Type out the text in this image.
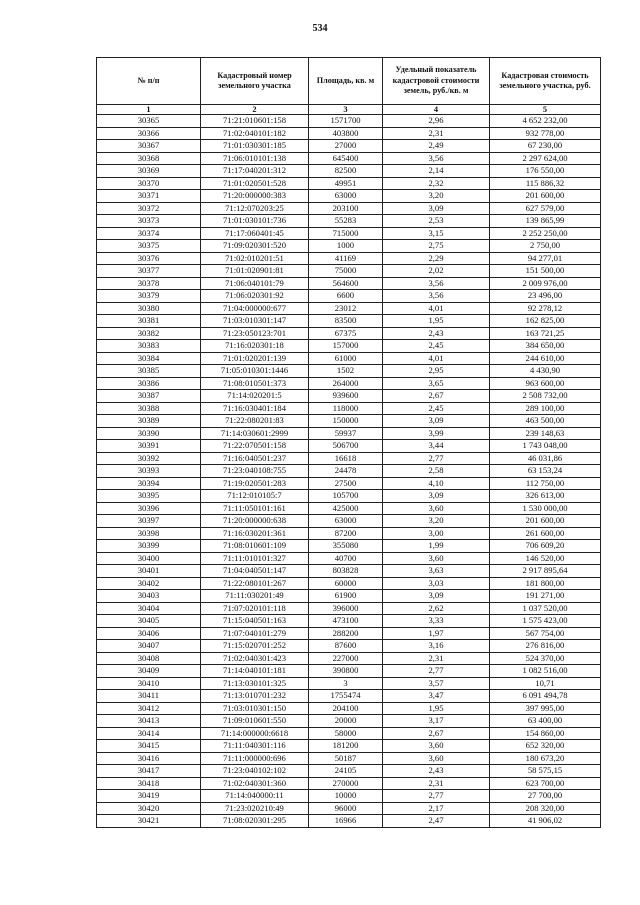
534
№ п/п	Кадастровый номер земельного участка	Площадь, кв. м	Удельный показатель кадастровой стоимости земель, руб./кв. м	Кадастровая стоимость земельного участка, руб.
1	2	3	4	5
30365	71:21:010601:158	1571700	2,96	4 652 232,00
30366	71:02:040101:182	403800	2,31	932 778,00
30367	71:01:030301:185	27000	2,49	67 230,00
30368	71:06:010101:138	645400	3,56	2 297 624,00
30369	71:17:040201:312	82500	2,14	176 550,00
30370	71:01:020501:528	49951	2,32	115 886,32
30371	71:20:000000:383	63000	3,20	201 600,00
30372	71:12:070203:25	203100	3,09	627 579,00
30373	71:01:030101:736	55283	2,53	139 865,99
30374	71:17:060401:45	715000	3,15	2 252 250,00
30375	71:09:020301:520	1000	2,75	2 750,00
30376	71:02:010201:51	41169	2,29	94 277,01
30377	71:01:020901:81	75000	2,02	151 500,00
30378	71:06:040101:79	564600	3,56	2 009 976,00
30379	71:06:020301:92	6600	3,56	23 496,00
30380	71:04:000000:677	23012	4,01	92 278,12
30381	71:03:010301:147	83500	1,95	162 825,00
30382	71:23:050123:701	67375	2,43	163 721,25
30383	71:16:020301:18	157000	2,45	384 650,00
30384	71:01:020201:139	61000	4,01	244 610,00
30385	71:05:010301:1446	1502	2,95	4 430,90
30386	71:08:010501:373	264000	3,65	963 600,00
30387	71:14:020201:5	939600	2,67	2 508 732,00
30388	71:16:030401:184	118000	2,45	289 100,00
30389	71:22:080201:83	150000	3,09	463 500,00
30390	71:14:030601:2999	59937	3,99	239 148,63
30391	71:22:070501:158	506700	3,44	1 743 048,00
30392	71:16:040501:237	16618	2,77	46 031,86
30393	71:23:040108:755	24478	2,58	63 153,24
30394	71:19:020501:283	27500	4,10	112 750,00
30395	71:12:010105:7	105700	3,09	326 613,00
30396	71:11:050101:161	425000	3,60	1 530 000,00
30397	71:20:000000:638	63000	3,20	201 600,00
30398	71:16:030201:361	87200	3,00	261 600,00
30399	71:08:010601:109	355080	1,99	706 609,20
30400	71:11:010101:327	40700	3,60	146 520,00
30401	71:04:040501:147	803828	3,63	2 917 895,64
30402	71:22:080101:267	60000	3,03	181 800,00
30403	71:11:030201:49	61900	3,09	191 271,00
30404	71:07:020101:118	396000	2,62	1 037 520,00
30405	71:15:040501:163	473100	3,33	1 575 423,00
30406	71:07:040101:279	288200	1,97	567 754,00
30407	71:15:020701:252	87600	3,16	276 816,00
30408	71:02:040301:423	227000	2,31	524 370,00
30409	71:14:040101:181	390800	2,77	1 082 516,00
30410	71:13:030101:325	3	3,57	10,71
30411	71:13:010701:232	1755474	3,47	6 091 494,78
30412	71:03:010301:150	204100	1,95	397 995,00
30413	71:09:010601:550	20000	3,17	63 400,00
30414	71:14:000000:6618	58000	2,67	154 860,00
30415	71:11:040301:116	181200	3,60	652 320,00
30416	71:11:000000:696	50187	3,60	180 673,20
30417	71:23:040102:102	24105	2,43	58 575,15
30418	71:02:040301:360	270000	2,31	623 700,00
30419	71:14:040000:11	10000	2,77	27 700,00
30420	71:23:020210:49	96000	2,17	208 320,00
30421	71:08:020301:295	16966	2,47	41 906,02
